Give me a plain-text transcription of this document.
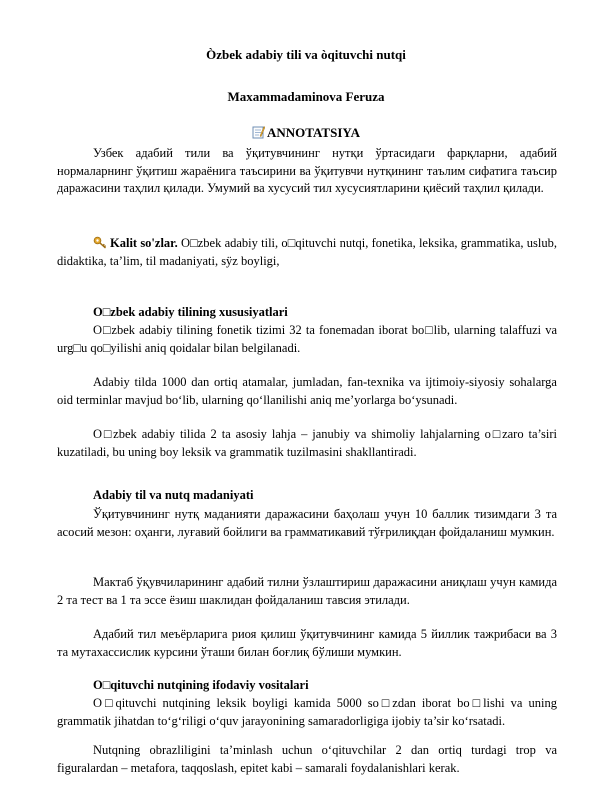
Òzbek adabiy tili va òqituvchi nutqi
Maxammadaminova Feruza
ANNOTATSIYA

Узбек адабий тили ва ўқитувчининг нутқи ўртасидаги фарқларни, адабий нормаларнинг ўқитиш жараёнига таъсирини ва ўқитувчи нутқининг таълим сифатига таъсир даражасини таҳлил қилади. Умумий ва хусусий тил хусусиятларини қиёсий таҳлил қилади.

Kalit so'zlar. O□zbek adabiy tili, o□qituvchi nutqi, fonetika, leksika, grammatika, uslub, didaktika, ta’lim, til madaniyati, sÿz boyligi,

O□zbek adabiy tilining xususiyatlari

O□zbek adabiy tilining fonetik tizimi 32 ta fonemadan iborat bo□lib, ularning talaffuzi va urg□u qo□yilishi aniq qoidalar bilan belgilanadi.

Adabiy tilda 1000 dan ortiq atamalar, jumladan, fan-texnika va ijtimoiy-siyosiy sohalarga oid terminlar mavjud bo‘lib, ularning qo‘llanilishi aniq me’yorlarga bo‘ysunadi.

O□zbek adabiy tilida 2 ta asosiy lahja – janubiy va shimoliy lahjalarning o□zaro ta’siri kuzatiladi, bu uning boy leksik va grammatik tuzilmasini shakllantiradi.

Adabiy til va nutq madaniyati

Ўқитувчининг нутқ маданияти даражасини баҳолаш учун 10 баллик тизимдаги 3 та асосий мезон: оҳанги, луғавий бойлиги ва грамматикавий тўғрилиқдан фойдаланиш мумкин.

Мактаб ўқувчиларининг адабий тилни ўзлаштириш даражасини аниқлаш учун камида 2 та тест ва 1 та эссе ёзиш шаклидан фойдаланиш тавсия этилади.

Адабий тил меъёрларига риоя қилиш ўқитувчининг камида 5 йиллик тажрибаси ва 3 та мутахассислик курсини ўташи билан боғлиқ бўлиши мумкин.

O□qituvchi nutqining ifodaviy vositalari

O□qituvchi nutqining leksik boyligi kamida 5000 so□zdan iborat bo□lishi va uning grammatik jihatdan to‘g‘riligi o‘quv jarayonining samaradorligiga ijobiy ta’sir ko‘rsatadi.

Nutqning obrazliligini ta’minlash uchun o‘qituvchilar 2 dan ortiq turdagi trop va figuralardan – metafora, taqqoslash, epitet kabi – samarali foydalanishlari kerak.
